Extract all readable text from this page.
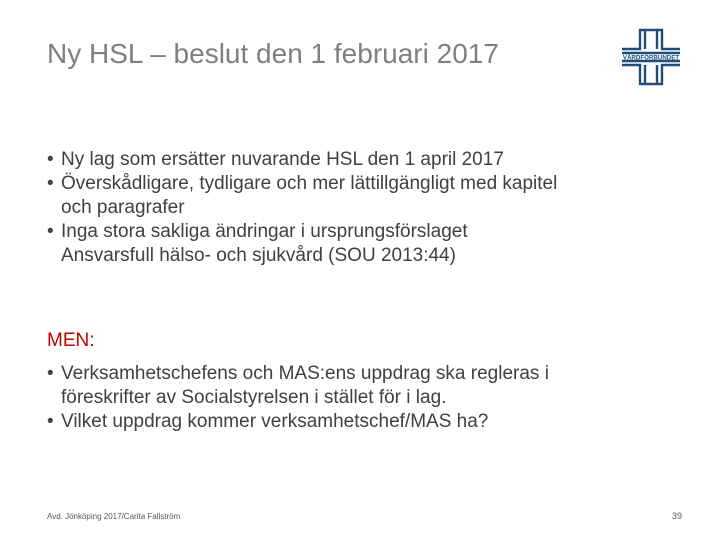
Ny HSL – beslut den 1 februari 2017	VÅRDFÖRBUNDET
• Ny lag som ersätter nuvarande HSL den 1 april 2017
• Överskådligare, tydligare och mer lättillgängligt med kapitel och paragrafer
• Inga stora sakliga ändringar i ursprungsförslaget Ansvarsfull hälso- och sjukvård (SOU 2013:44)
MEN:
• Verksamhetschefens och MAS:ens uppdrag ska regleras i föreskrifter av Socialstyrelsen i stället för i lag.
• Vilket uppdrag kommer verksamhetschef/MAS ha?
Avd. Jönköping 2017/Carita Fallström	39
